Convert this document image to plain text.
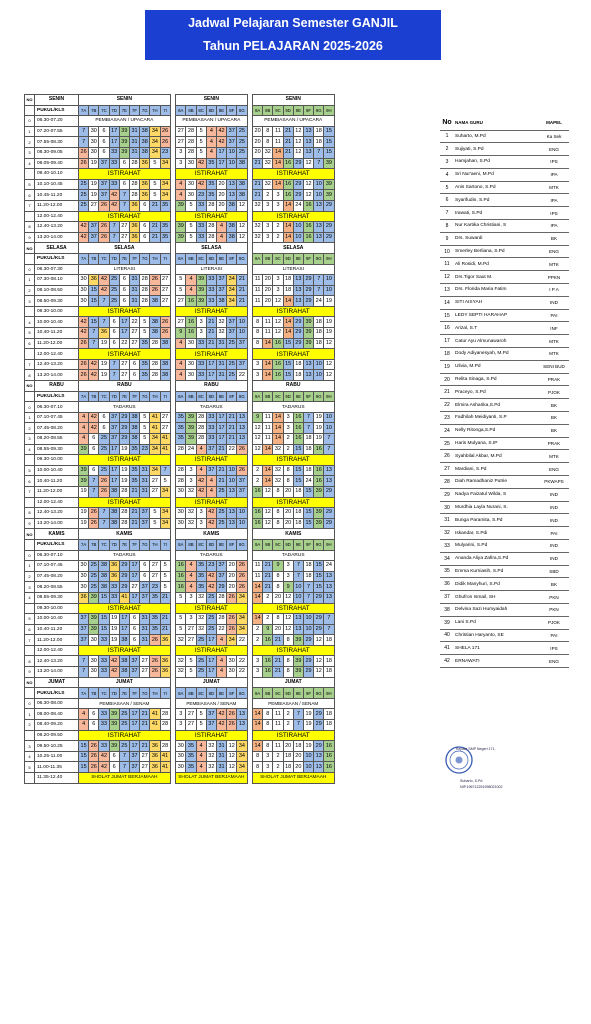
Jadwal Pelajaran Semester GANJIL
Tahun PELAJARAN 2025-2026
NO	SENIN	SENIN										SENIN								SENIN							
	PUKUL/KLS	7A	7B	7C	7D	7E	7F	7G	7H	7I		8A	8B	8C	8D	8E	8F	8G		9A	9B	9C	9D	9E	9F	9G	9H
0	06.30-07.20	PEMBIASAAN / UPACARA										PEMBIASAAN / UPACARA								PEMBIASAAN / UPACARA							
1	07.20-07.55	7	30	6	17	39	31	38	34	26		27	28	5	4	42	37	25		20	8	11	21	12	13	18	15
2	07.55-08.30	7	30	6	17	39	31	38	34	26		27	28	5	4	42	37	25		20	8	11	21	12	13	18	15
3	08.30-09.05	26	30	6	33	39	31	38	34	23		3	28	5	4	17	10	25		20	32	14	21	12	13	7	15
4	09.05-09.40	26	19	37	33	6	28	36	5	34		3	30	42	35	17	10	38		21	32	14	16	29	12	7	39
	09.40-10.10	ISTIRAHAT										ISTIRAHAT								ISTIRAHAT							
5	10.10-10.45	25	19	37	33	6	28	36	5	34		4	30	42	35	20	13	38		21	32	14	16	29	12	10	39
6	10.45-11.20	25	19	37	42	7	28	36	5	34		4	30	23	35	20	13	38		21	2	3	16	29	12	10	39
7	11.20-12.00	25	27	26	42	7	36	6	21	35		39	5	33	28	20	38	12		32	3	3	14	24	16	13	29
	12.00-12.40	ISTIRAHAT										ISTIRAHAT								ISTIRAHAT							
8	12.40-13.20	42	37	26	7	27	36	6	21	35		39	5	33	28	4	38	12		32	3	2	14	10	16	13	29
9	13.20-14.00	42	37	26	7	27	36	6	21	35		39	5	33	28	4	38	12		32	3	2	14	10	16	13	29
NO	SELASA	SELASA										SELASA								SELASA							
	PUKUL/KLS	7A	7B	7C	7D	7E	7F	7G	7H	7I		8A	8B	8C	8D	8E	8F	8G		9A	9B	9C	9D	9E	9F	9G	9H
0	06.30-07.30	LITERASI										LITERASI								LITERASI							
1	07.30-08.10	30	36	42	25	6	31	28	26	27		5	4	39	33	37	34	21		11	20	3	18	13	29	7	10
2	08.10-08.50	30	15	42	25	6	31	28	26	27		5	4	39	33	37	34	21		11	20	3	18	13	29	7	10
3	08.50-09.30	30	15	7	25	6	31	28	38	27		27	16	39	33	38	34	21		11	20	12	14	13	29	24	19
	09.30-10.00	ISTIRAHAT										ISTIRAHAT								ISTIRAHAT							
4	10.00-10.40	42	15	7	6	17	22	5	38	26		27	16	3	21	32	37	10		8	11	12	14	29	39	18	19
5	10.40-11.20	42	7	36	6	17	27	5	38	26		9	16	3	21	32	37	10		8	11	12	14	29	39	18	19
6	11.20-12.00	26	7	19	6	22	27	35	28	38		4	30	33	21	31	25	37		8	14	16	15	29	39	18	12
	12.00-12.40	ISTIRAHAT										ISTIRAHAT								ISTIRAHAT							
7	12.40-13.20	26	42	19	7	27	6	35	28	38		4	30	33	17	31	25	37		3	14	16	15	18	13	10	12
8	13.20-14.00	26	42	19	7	27	6	35	28	38		4	30	33	17	31	25	22		3	14	16	15	18	13	10	12
NO	RABU	RABU										RABU								RABU							
	PUKUL/KLS	7A	7B	7C	7D	7E	7F	7G	7H	7I		8A	8B	8C	8D	8E	8F	8G		9A	9B	9C	9D	9E	9F	9G	9H
0	06.30-07.10	TADARUS										TADARUS								TADARUS							
1	07.10-07.45	4	42	6	37	29	38	5	41	27		35	39	28	33	17	21	13		9	11	14	3	16	7	19	10
2	07.45-08.20	4	42	6	37	29	38	5	41	27		35	39	28	33	17	21	13		12	11	14	3	16	7	19	10
3	08.20-08.55	4	6	25	37	29	38	5	34	41		35	39	28	33	17	21	13		12	11	14	2	16	18	19	7
4	08.55-09.30	39	6	25	17	19	35	23	34	41		28	24	4	37	21	22	26		12	14	32	2	15	18	16	7
	09.30-10.00	ISTIRAHAT										ISTIRAHAT								ISTIRAHAT							
5	10.00-10.40	39	6	25	17	19	35	31	34	7		28	3	4	37	21	10	26		2	14	32	8	15	18	16	13
6	10.40-11.20	39	7	26	17	19	35	31	27	5		28	3	42	4	21	10	37		2	14	32	8	15	24	16	13
7	11.20-12.00	19	7	26	38	28	21	31	27	34		30	32	42	4	25	13	37		16	12	8	20	18	15	39	29
	12.00-12.40	ISTIRAHAT										ISTIRAHAT								ISTIRAHAT							
8	12.40-13.20	19	26	7	38	28	21	37	5	34		30	32	3	42	25	13	10		16	12	8	20	18	15	39	29
9	13.20-14.00	19	26	7	38	28	21	37	5	34		30	32	3	42	25	13	10		16	12	8	20	18	15	39	29
NO	KAMIS	KAMIS										KAMIS								KAMIS							
	PUKUL/KLS	7A	7B	7C	7D	7E	7F	7G	7H	7I		8A	8B	8C	8D	8E	8F	8G		9A	9B	9C	9D	9E	9F	9G	9H
0	06.30-07.10	TADARUS										TADARUS								TADARUS							
1	07.10-07.45	30	25	38	36	29	17	6	27	5		16	4	35	23	37	20	26		11	21	9	3	7	18	15	24
2	07.45-08.20	30	25	38	36	29	17	6	27	5		16	4	35	42	37	20	26		11	21	8	3	7	18	15	13
3	08.20-08.55	30	25	38	33	29	27	37	23	5		16	4	35	42	29	20	26		14	21	8	9	10	7	15	13
4	08.55-09.30	36	39	15	33	41	17	37	35	21		5	3	32	25	28	26	34		14	2	20	12	10	7	29	13
	09.30-10.00	ISTIRAHAT										ISTIRAHAT								ISTIRAHAT							
5	10.00-10.40	37	39	15	19	17	6	31	35	21		5	3	32	25	28	26	34		14	2	8	12	13	10	29	7
6	10.40-11.20	37	39	15	19	17	6	31	35	21		5	27	32	25	22	26	34		2	9	20	12	13	10	29	7
7	11.20-12.00	37	30	33	19	38	6	31	26	36		32	27	25	17	4	34	22		2	16	21	8	39	29	12	18
	12.00-12.40	ISTIRAHAT										ISTIRAHAT								ISTIRAHAT							
8	12.40-13.20	7	30	33	42	38	37	27	26	36		32	5	25	17	4	30	22		3	16	21	8	39	29	12	18
9	13.20-14.00	7	30	33	42	38	37	27	26	36		32	5	25	17	4	30	22		3	16	21	8	39	29	12	18
NO	JUMAT	JUMAT										JUMAT								JUMAT							
	PUKUL/KLS	7A	7B	7C	7D	7E	7F	7G	7H	7I		8A	8B	8C	8D	8E	8F	8G		9A	9B	9C	9D	9E	9F	9G	9H
0	06.30-08.00	PEMBIASAAN / SENAM										PEMBIASAAN / SENAM								PEMBIASAAN / SENAM							
1	08.00-08.40	4	6	33	39	25	17	21	41	28		3	27	5	37	42	26	13		14	8	11	2	7	19	29	18
2	08.40-09.20	4	6	33	39	25	17	21	41	28		3	27	5	37	42	26	13		14	8	11	2	7	19	29	18
	09.20-09.50	ISTIRAHAT										ISTIRAHAT								ISTIRAHAT							
3	09.50-10.25	15	26	33	39	25	17	21	36	28		30	35	4	32	31	12	34		14	8	11	20	18	19	29	16
4	10.25-11.00	15	26	42	6	7	37	27	36	41		30	35	4	32	31	12	34		8	3	2	18	20	10	13	16
5	11.00-11.35	15	26	42	6	7	37	27	36	41		30	35	4	32	31	12	34		8	3	2	18	20	10	13	16
	11.35-12.40	SHOLAT JUMAT BERJAMAAH										SHOLAT JUMAT BERJAMAAH								SHOLAT JUMAT BERJAMAAH							
No	NAMA GURU	MAPEL
1	Suharto, M.Pd	Ka Sek
2	Sujiyati, S.Pd	ENG
3	Hamjahan, S.Pd	IPS
4	Sri Nur'aeni, M.Pd	IPA
5	Anis Sartono, S.Pd	MTK
6	Syarifudin, S.Pd	IPA
7	Irawati, S.Pd	IPS
8	Nur Kartika Christiani, S	IPA
9	Drs. Suwardi	BK
10	Smerley Berliana, S.Pd	ENG
11	Ali Rosidi, M.Pd	MTK
12	Drs.Tigor Saut M.	PPKN
13	Drs. Florida Maria Fatim	I P A
14	SITI AISYAH	IND
15	LEDY SEPTI HARAHAP	PAI
16	Arizal, S.T	INF
17	Catur Ayu Almunawaroh	MTK
18	Dody Adiyanesyah, M.Pd	MTK
19	Ulivia, M.Pd	SENI BUD
20	Relita Sinaga, S.Pd	PRAK
21	Praceyo, S.Pd	PJOK
22	Elmira Asharika,S.Pd	BK
23	Fadhilah Meidiyanti, S.P	BK
24	Nelly Ritonga,S.Pd	BK
25	Haris Mulyana, S.IP	PRAK
26	Syahbilal Akbar, M.Pd	MTK
27	Mardiani, S.Pd	ENG
28	Diah Ramadhaniz Putrie	PKWAPS
29	Nadya Faizatul Wilda, S	IND
30	Murdhia Layla Nurani, S.	IND
31	Bunga Paramita, S.Pd	IND
32	Iskandar, S.Pdi	PAI
33	Mulyarini, S.Pd	IND
34	Ananda Aliya Zafira,S.Pd	IND
35	Emma Kurniasih, S.Pd	SBD
36	Didik Manyhuri, S.Pd	BK
37	Ghufron Ismail, SH	PKN
38	Delvina Sazi Humyaidah	PKN
39	Lani S.Pd	PJOK
40	Christian Haryanto, SE	PAI
41	SHELA 171	IPS
42	ERNAWATI	ENG
Kepala SMP Negeri 171,
Suharto, S.Pd
NIP.196712251998021002
